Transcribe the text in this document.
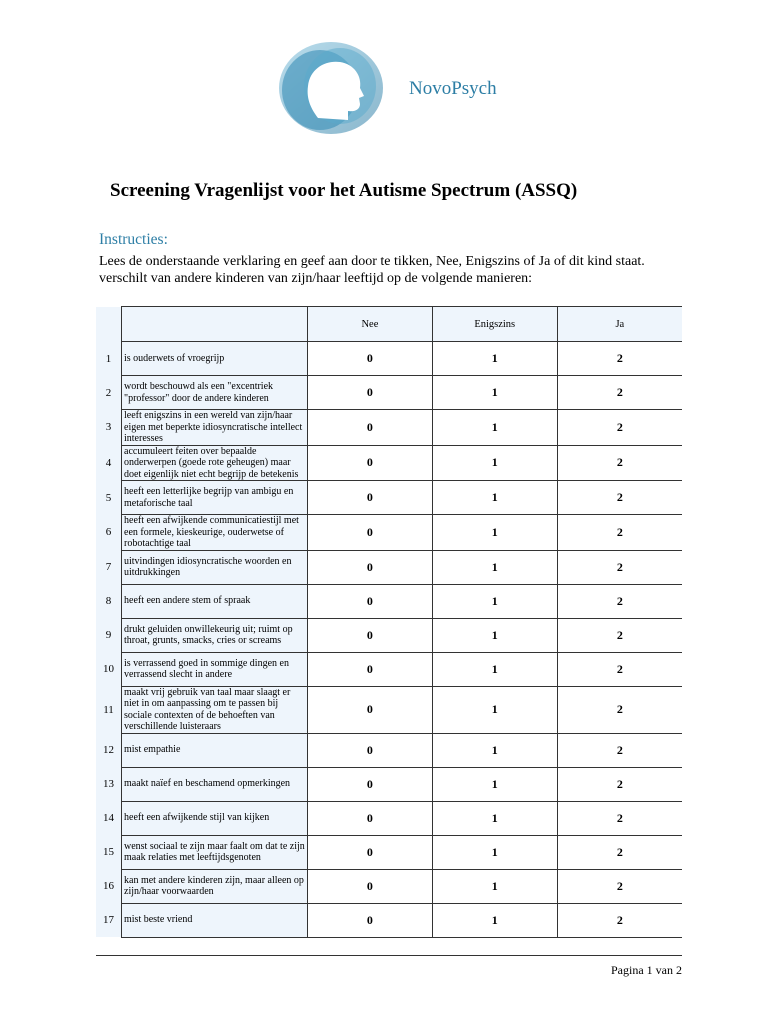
NovoPsych
Screening Vragenlijst voor het Autisme Spectrum (ASSQ)
Instructies:
Lees de onderstaande verklaring en geef aan door te tikken, Nee, Enigszins of Ja of dit kind staat.
verschilt van andere kinderen van zijn/haar leeftijd op de volgende manieren:
		Nee	Enigszins	Ja
1	is ouderwets of vroegrijp	0	1	2
2	wordt beschouwd als een "excentriek "professor" door de andere kinderen	0	1	2
3	leeft enigszins in een wereld van zijn/haar eigen met beperkte idiosyncratische intellect interesses	0	1	2
4	accumuleert feiten over bepaalde onderwerpen (goede rote geheugen) maar doet eigenlijk niet echt begrijp de betekenis	0	1	2
5	heeft een letterlijke begrijp van ambigu en metaforische taal	0	1	2
6	heeft een afwijkende communicatiestijl met een formele, kieskeurige, ouderwetse of robotachtige taal	0	1	2
7	uitvindingen idiosyncratische woorden en uitdrukkingen	0	1	2
8	heeft een andere stem of spraak	0	1	2
9	drukt geluiden onwillekeurig uit; ruimt op throat, grunts, smacks, cries or screams	0	1	2
10	is verrassend goed in sommige dingen en verrassend slecht in andere	0	1	2
11	maakt vrij gebruik van taal maar slaagt er niet in om aanpassing om te passen bij sociale contexten of de behoeften van verschillende luisteraars	0	1	2
12	mist empathie	0	1	2
13	maakt naïef en beschamend opmerkingen	0	1	2
14	heeft een afwijkende stijl van kijken	0	1	2
15	wenst sociaal te zijn maar faalt om dat te zijn maak relaties met leeftijdsgenoten	0	1	2
16	kan met andere kinderen zijn, maar alleen op zijn/haar voorwaarden	0	1	2
17	mist beste vriend	0	1	2
Pagina 1 van 2
